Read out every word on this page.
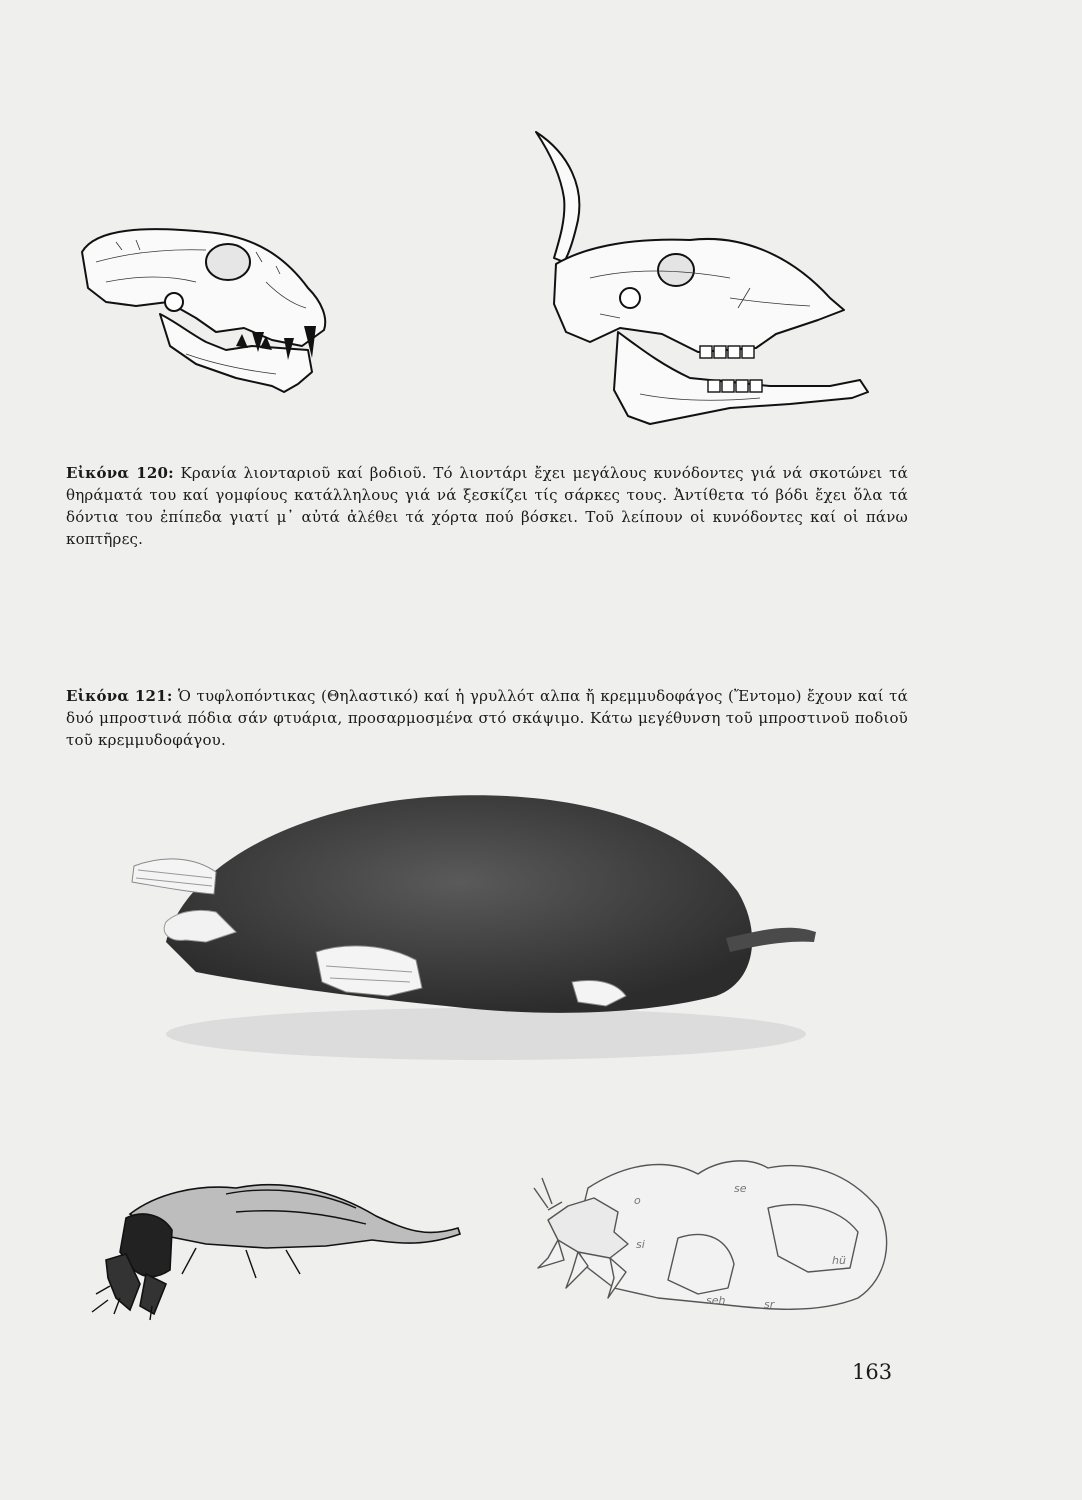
Εἰκόνα 120: Κρανία λιονταριοῦ καί βοδιοῦ. Τό λιοντάρι ἔχει μεγάλους κυνόδοντες γιά νά σκοτώνει τά θηράματά του καί γομφίους κατάλληλους γιά νά ξεσκίζει τίς σάρκες τους. Ἀντίθετα τό βόδι ἔχει ὅλα τά δόντια του ἐπίπεδα γιατί μ᾽ αὐτά ἀλέθει τά χόρτα πού βόσκει. Τοῦ λείπουν οἱ κυνόδοντες καί οἱ πάνω κοπτῆρες.
Εἰκόνα 121: Ὁ τυφλοπόντικας (Θηλαστικό) καί ἡ γρυλλότ αλπα ἤ κρεμμυδοφάγος (Ἔντομο) ἔχουν καί τά δυό μπροστινά πόδια σάν φτυάρια, προσαρμοσμένα στό σκάψιμο. Κάτω μεγέθυνση τοῦ μπροστινοῦ ποδιοῦ τοῦ κρεμμυδοφάγου.
o
se
si
hü
seh	sr
163
